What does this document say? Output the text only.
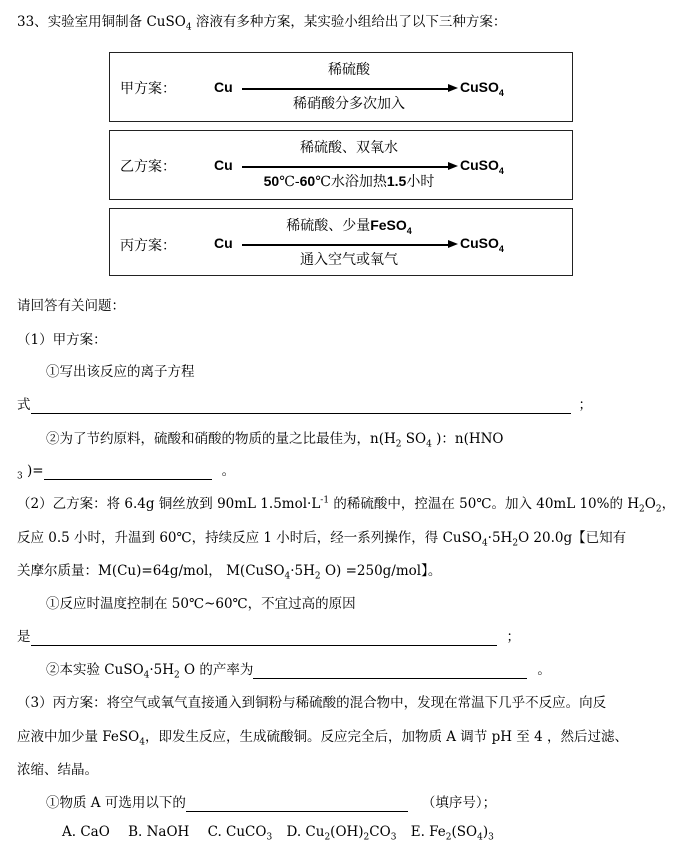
33、实验室用铜制备 CuSO$_4$ 溶液有多种方案，某实验小组给出了以下三种方案：
甲方案：	Cu
稀硫酸
稀硝酸分多次加入
CuSO$_4$
乙方案：	Cu
稀硫酸、双氧水
50℃-60℃水浴加热1.5小时
CuSO$_4$
丙方案：	Cu
稀硫酸、少量FeSO$_4$
通入空气或氧气
CuSO$_4$
请回答有关问题：
（1）甲方案：
①写出该反应的离子方程
式	；
②为了节约原料，硫酸和硝酸的物质的量之比最佳为，$n(H_2$ $SO_4$ )：n(HNO
$_3$ )=	。
（2）乙方案：将 6.4g 铜丝放到 90mL $1.5mol\cdot L^{-1}$ 的稀硫酸中，控温在 50℃。加入 40mL 10%的 $H_2O_2$，
反应 0.5 小时，升温到 60℃，持续反应 1 小时后，经一系列操作，得 $CuSO_4\cdot 5H_2O$ 20.0g【已知有
关摩尔质量：M(Cu)=64g/mol， $M(CuSO_4\cdot 5H_2$ O) =250g/mol】。
①反应时温度控制在 50℃~60℃，不宜过高的原因
是	；
②本实验 $CuSO_4\cdot 5H_2$ O 的产率为	。
（3）丙方案：将空气或氧气直接通入到铜粉与稀硫酸的混合物中，发现在常温下几乎不反应。向反
应液中加少量 FeSO$_4$，即发生反应，生成硫酸铜。反应完全后，加物质 A 调节 pH 至 4 ，然后过滤、
浓缩、结晶。
①物质 A 可选用以下的	（填序号）；
A. CaO B. NaOH C. CuCO$_3$ D. $Cu_2(OH)_2CO_3$ E. $Fe_2(SO_4)_3$
